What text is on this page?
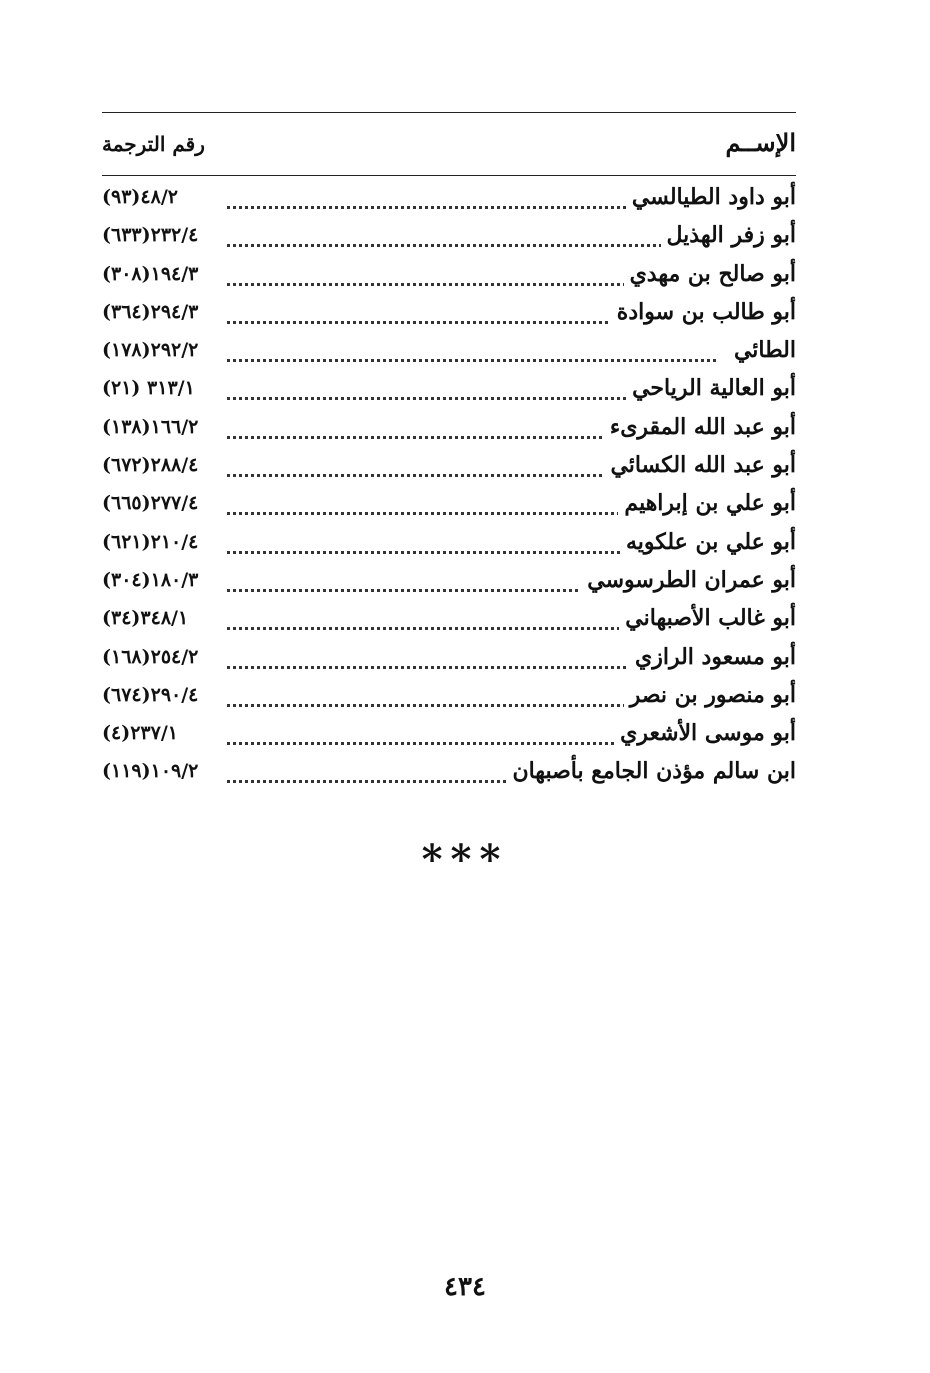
الإســم
رقم الترجمة
أبو داود الطيالسي
(٩٣)٤٨/٢
أبو زفر الهذيل
(٦٣٣)٢٣٢/٤
أبو صالح بن مهدي
(٣٠٨)١٩٤/٣
أبو طالب بن سوادة
(٣٦٤)٢٩٤/٣
الطائي
(١٧٨)٢٩٢/٢
أبو العالية الرياحي
(٢١) ٣١٣/١
أبو عبد الله المقرىء
(١٣٨)١٦٦/٢
أبو عبد الله الكسائي
(٦٧٢)٢٨٨/٤
أبو علي بن إبراهيم
(٦٦٥)٢٧٧/٤
أبو علي بن علكويه
(٦٢١)٢١٠/٤
أبو عمران الطرسوسي
(٣٠٤)١٨٠/٣
أبو غالب الأصبهاني
(٣٤)٣٤٨/١
أبو مسعود الرازي
(١٦٨)٢٥٤/٢
أبو منصور بن نصر
(٦٧٤)٢٩٠/٤
أبو موسى الأشعري
(٤)٢٣٧/١
ابن سالم مؤذن الجامع بأصبهان
(١١٩)١٠٩/٢
***
٤٣٤
